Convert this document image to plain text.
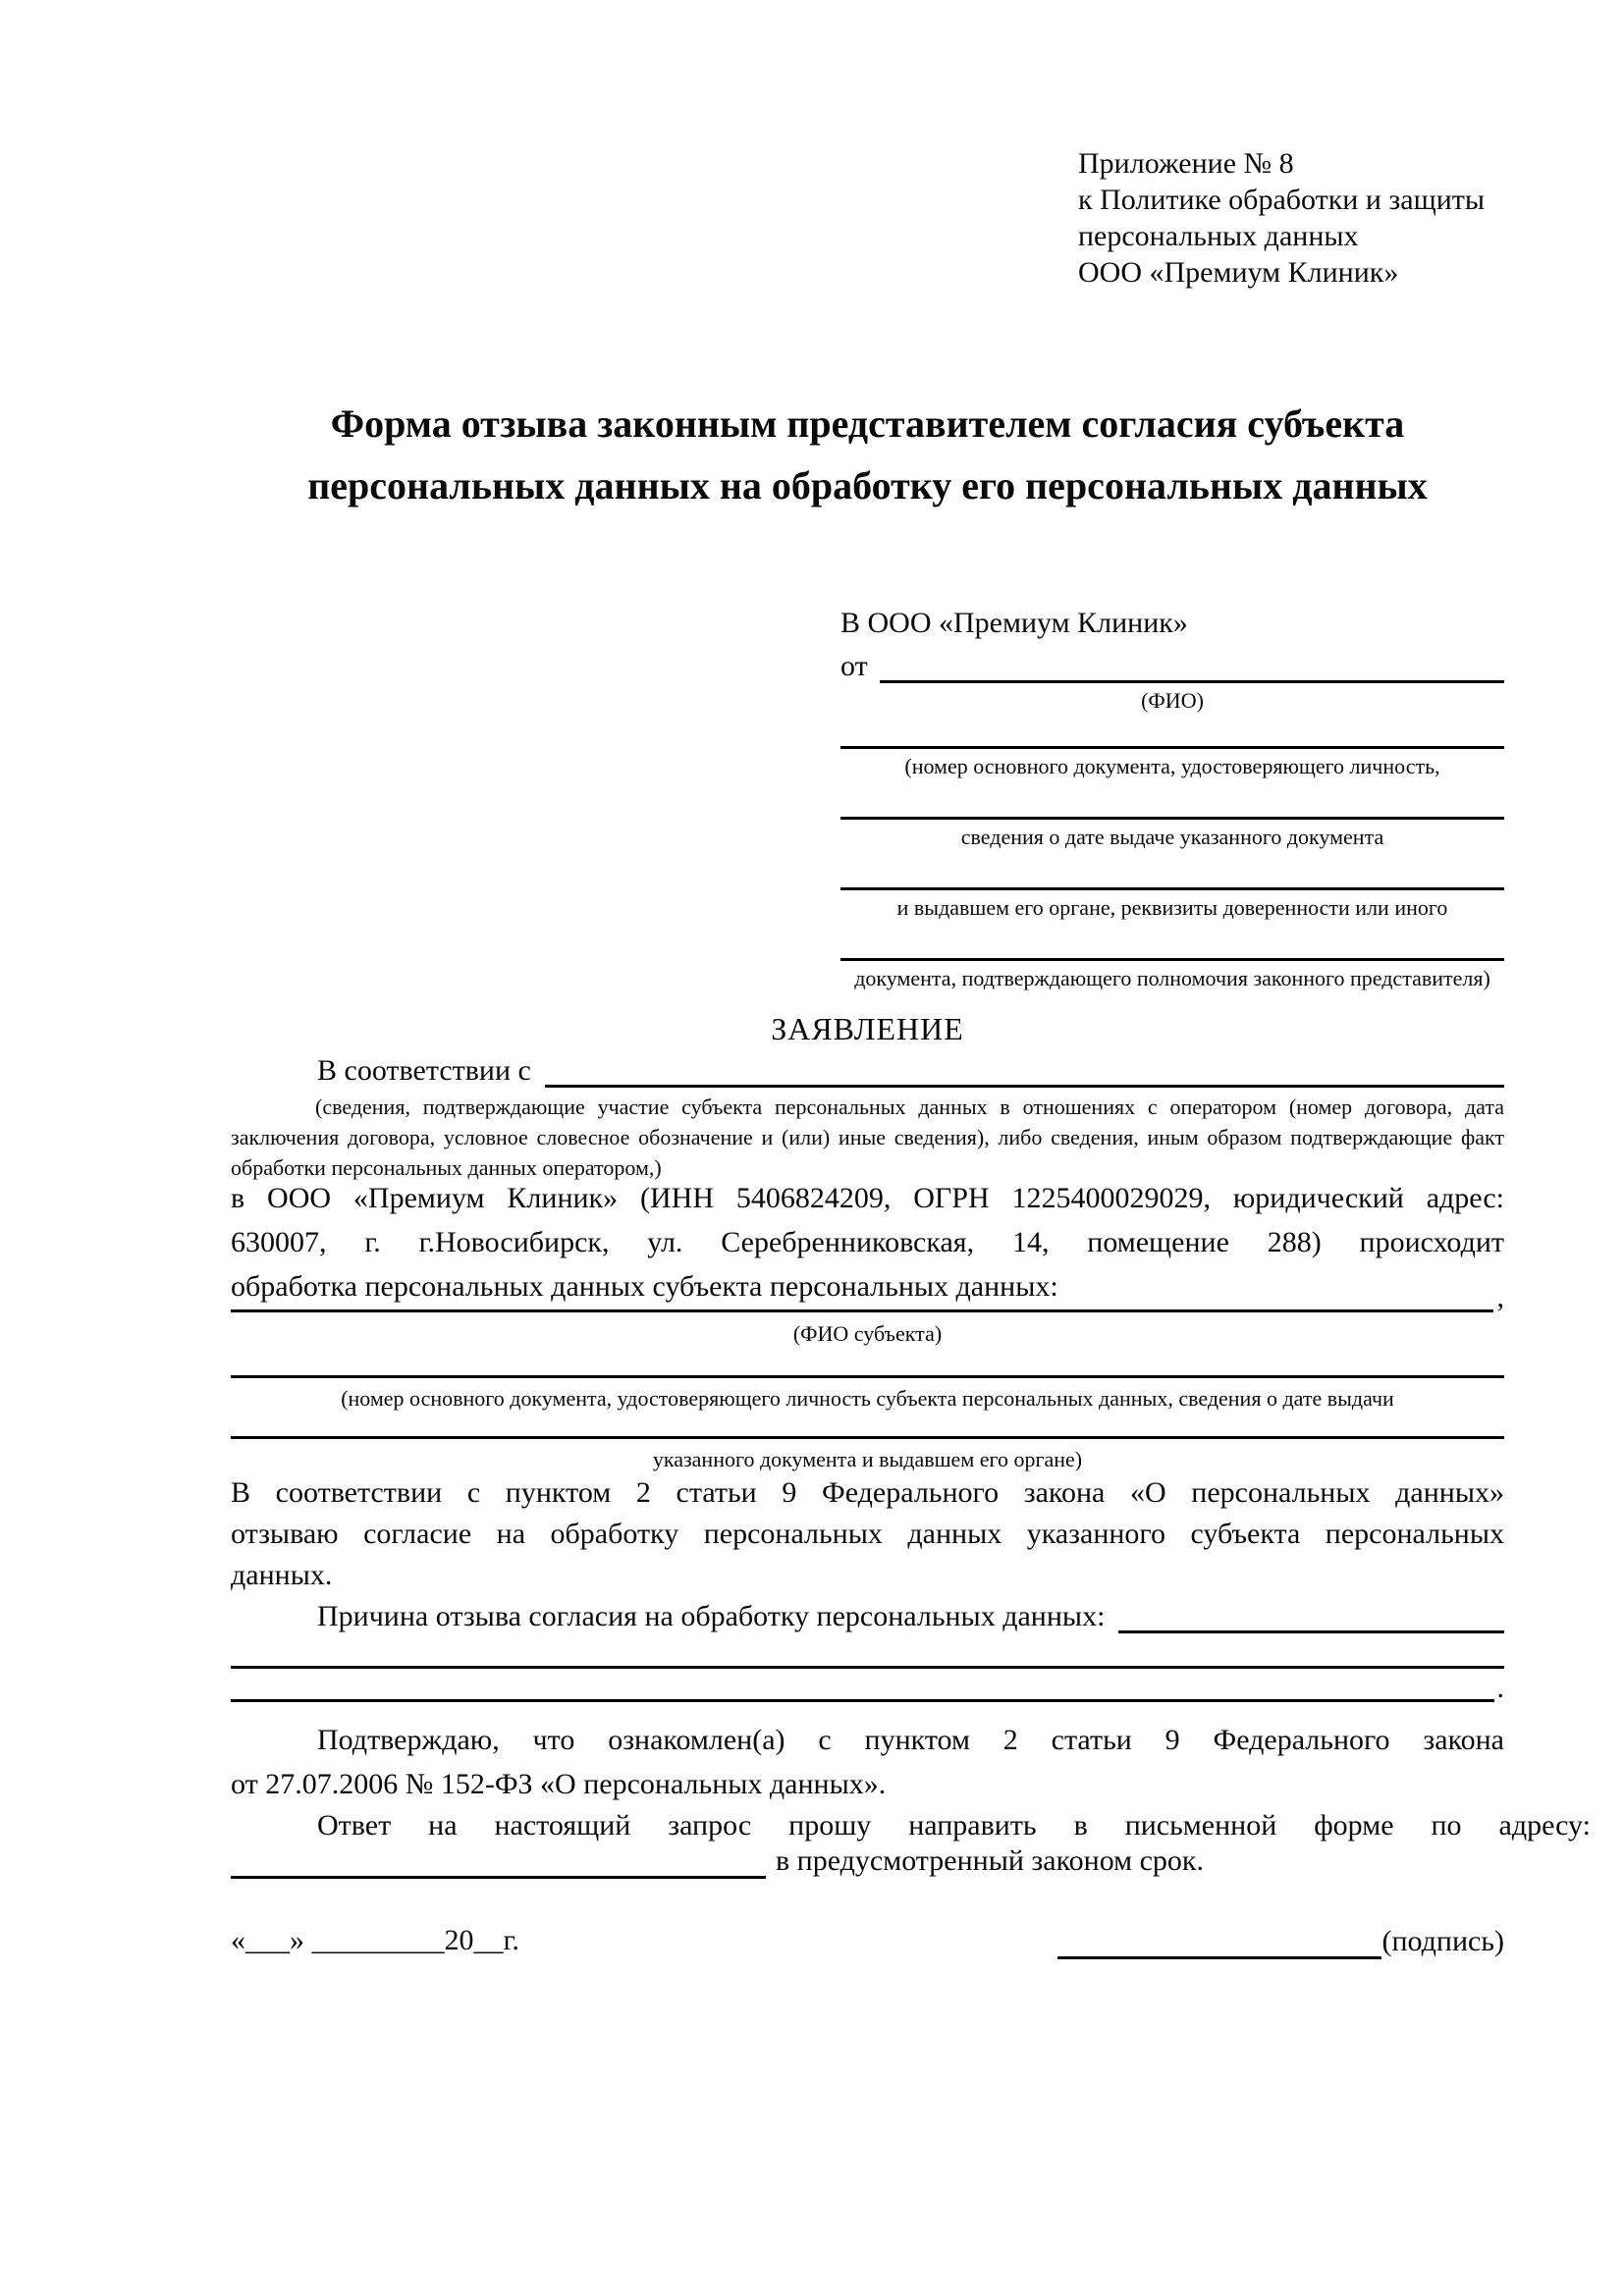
Приложение № 8
к Политике обработки и защиты
персональных данных
ООО «Премиум Клиник»
Форма отзыва законным представителем согласия субъекта
персональных данных на обработку его персональных данных
В ООО «Премиум Клиник»
от
(ФИО)
(номер основного документа, удостоверяющего личность,
сведения о дате выдаче указанного документа
и выдавшем его органе, реквизиты доверенности или иного
документа, подтверждающего полномочия законного представителя)
ЗАЯВЛЕНИЕ
В соответствии с
(сведения, подтверждающие участие субъекта персональных данных в отношениях с оператором (номер договора, дата
заключения договора, условное словесное обозначение и (или) иные сведения), либо сведения, иным образом подтверждающие факт
обработки персональных данных оператором,)
в ООО «Премиум Клиник» (ИНН 5406824209, ОГРН 1225400029029, юридический адрес:
630007, г. г.Новосибирск, ул. Серебренниковская, 14, помещение 288) происходит
обработка персональных данных субъекта персональных данных:	,
(ФИО субъекта)
(номер основного документа, удостоверяющего личность субъекта персональных данных, сведения о дате выдачи
указанного документа и выдавшем его органе)
В соответствии с пунктом 2 статьи 9 Федерального закона «О персональных данных»
отзываю согласие на обработку персональных данных указанного субъекта персональных
данных.
Причина отзыва согласия на обработку персональных данных:
.
Подтверждаю, что ознакомлен(а) с пунктом 2 статьи 9 Федерального закона
от 27.07.2006 № 152-ФЗ «О персональных данных».
Ответ на настоящий запрос прошу направить в письменной форме по адресу:
в предусмотренный законом срок.
«___» _________20__г.	(подпись)
